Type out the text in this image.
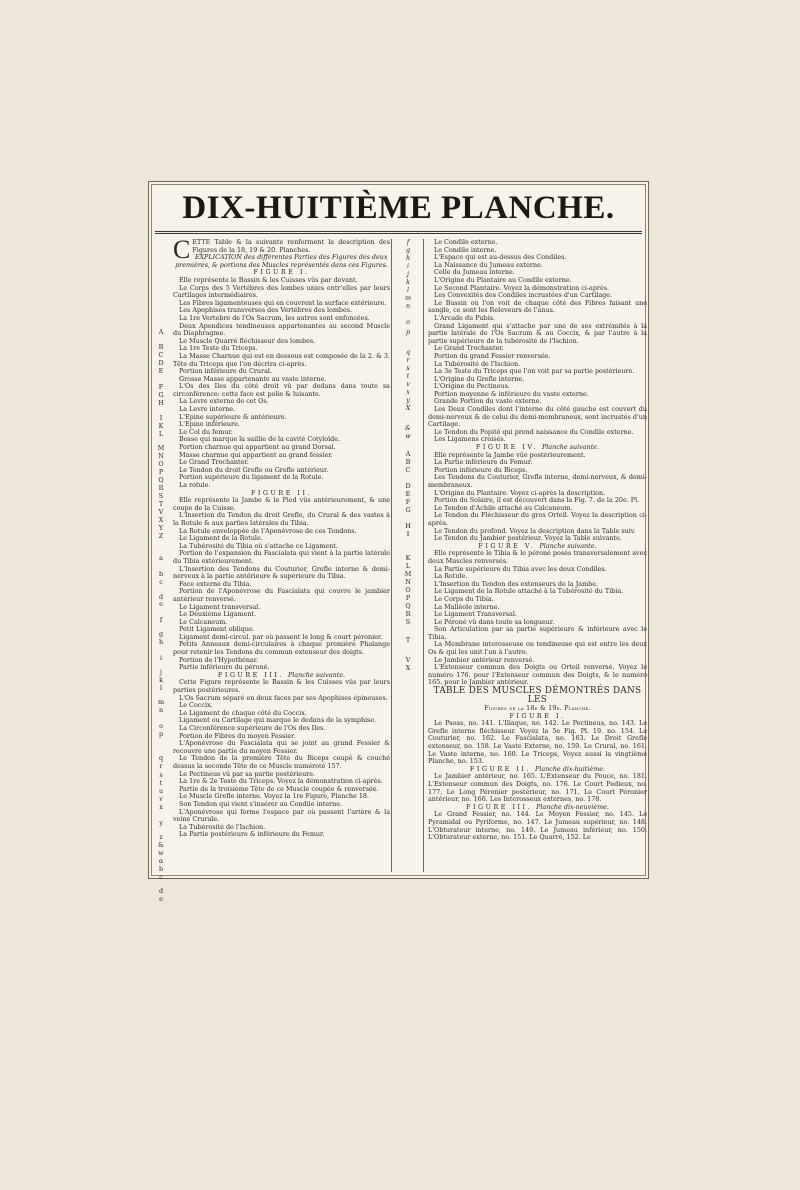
DIX-HUITIÈME PLANCHE.
A
B
C
D
E
F
G
H
I
K
L
M
N
O
P
Q
R
S
T
V
X
Y
Z
a
b
c
d
e
f
g
h
i
j
k
l
m
n
o
p
q
r
s
t
u
v
x
y
z
&
w
α
b
c
d
e

CETTE Table & la suivante renferment la description des Figures de la 18, 19 & 20. Planches.

EXPLICATION des différentes Parties des Figures des deux premières, & portions des Muscles représentés dans ces Figures.

FIGURE I.

Elle représente le Bassin & les Cuisses vûs par devant.

Le Corps des 5 Vertébres des lombes unies entr'elles par leurs Cartilages intermédiaires.

Les Fibres ligamenteuses qui en couvrent la surface extérieure.

Les Apophises transverses des Vertébres des lombes.

La 1re Vertebre de l'Os Sacrum, les autres sont enfoncées.

Deux Apendices tendineuses appartenantes au second Muscle du Diaphragme.

Le Muscle Quarré fléchisseur des lombes.

La 1re Teste du Triceps.

La Masse Charnue qui est en dessous est composée de la 2. & 3. Tête du Triceps que l'on décrira ci-après.

Portion inférieure du Crural.

Grosse Masse appartenante au vaste interne.

L'Os des Iles du côté droit vû par dedans dans toute sa circonférence: cette face est polie & luisante.

La Levre externe de cet Os.

La Levre interne.

L'Epine supérieure & antérieure.

L'Epine inférieure.

Le Col du femur.

Bosse qui marque la saillie de la cavité Cotyloïde.

Portion charnue qui appartient au grand Dorsal.

Masse charnue qui appartient au grand fessier.

Le Grand Trochanter.

Le Tendon du droit Grefle ou Grefle antérieur.

Portion supérieure du ligament de la Rotule.

La rotule.

FIGURE II.

Elle représente la Jambe & le Pied vûs antérieurement, & une coupe de la Cuisse.

L'Insertion du Tendon du droit Grefle, du Crural & des vastes à la Rotule & aux parties latérales du Tibia.

La Rotule enveloppée de l'Aponévrose de ces Tendons.

Le Ligament de la Rotule.

La Tubérosité du Tibia où s'attache ce Ligament.

Portion de l'expansion du Fascialata qui vient à la partie latérale du Tibia extérieurement.

L'Insertion des Tendons du Couturier, Grefle interne & demi-nerveux à la partie antérieure & supérieure du Tibia.

Face externe du Tibia.

Portion de l'Aponévrose du Fascialata qui couvre le jambier antérieur renversé.

Le Ligament transversal.

Le Deuxième Ligament.

Le Calcaneum.

Petit Ligament oblique.

Ligament demi-circul. par où passent le long & court péronier.

Petits Anneaux demi-circulaires à chaque première Phalange pour retenir les Tendons du commun extenseur des doigts.

Portion de l'Hypothénar.

Partie inférieure du péroné.

FIGURE III. Planche suivante.

Cette Figure représente le Bassin & les Cuisses vûs par leurs parties postérieures.

L'Os Sacrum séparé en deux faces par ses Apophises épineuses.

Le Coccix.

Le Ligament de chaque côté du Coccix.

Ligament ou Cartilage qui marque le dedans de la symphise.

La Circonférence supérieure de l'Os des Iles.

Portion de Fibres du moyen Fessier.

L'Aponévrose du Fascialata qui se joint au grand Fessier & recouvre une partie du moyen Fessier.

Le Tendon de la première Tête du Biceps coupé & couché dessus la seconde Tête de ce Muscle numéroté 157.

Le Pectineus vû par sa partie postérieure.

La 1re & 2e Teste du Triceps. Voyez la démonstration ci-après.

Partie de la troisième Tête de ce Muscle coupée & renversée.

Le Muscle Grefle interne. Voyez la 1re Figure, Planche 18.

Son Tendon qui vient s'insérer au Condile interne.

L'Aponévrose qui ferme l'espace par où passent l'artère & la veine Crurale.

La Tubérosité de l'Ischion.

La Partie postérieure & inférieure du Femur.

f
g
h
i
j
k
l
m
n
o
p
q
r
s
t
v
x
y
X
&
w
A
B
C
D
E
F
G
H
I
K
L
M
N
O
P
Q
R
S
T
V
X

Le Condile externe.

Le Condile interne.

L'Espace qui est au-dessus des Condiles.

La Naissance du Jumeau externe.

Celle du Jumeau interne.

L'Origine du Plantaire au Condile externe.

Le Second Plantaire. Voyez la démonstration ci-après.

Les Convexités des Condiles incrustées d'un Cartilage.

Le Bassin où l'on voit de chaque côté des Fibres faisant une sangle, ce sont les Releveurs de l'anus.

L'Arcade du Pubis.

Grand Ligament qui s'attache par une de ses extrémités à la partie latérale de l'Os Sacrum & au Coccix, & par l'autre à la partie supérieure de la tubérosité de l'Ischion.

Le Grand Trochanter.

Portion du grand Fessier renversée.

La Tubérosité de l'Ischion.

La 3e Teste du Triceps que l'on voit par sa partie postérieure.

L'Origine du Grefle interne.

L'Origine du Pectineus.

Portion moyenne & inférieure du vaste externe.

Grande Portion du vaste externe.

Les Deux Condiles dont l'interne du côté gauche est couvert du demi-nerveux & de celui du demi-membraneux, sont incrustés d'un Cartilage.

Le Tendon du Popité qui prend naissance du Condile externe.

Les Ligamens croisés.

FIGURE IV. Planche suivante.

Elle représente la Jambe vûe postérieurement.

La Partie inférieure du Femur.

Portion inférieure du Biceps.

Les Tendons du Couturier, Grefle interne, demi-nerveux, & demi-membraneux.

L'Origine du Plantaire. Voyez ci-après la description.

Portion du Solaire, il est découvert dans la Fig. 7. de la 20e. Pl.

Le Tendon d'Achile attaché au Calcaneum.

Le Tendon du Fléchisseur du gros Orteil. Voyez la description ci-après.

Le Tendon du profond. Voyez la description dans la Table suiv.

Le Tendon du Jambier postérieur. Voyez la Table suivante.

FIGURE V. Planche suivante.

Elle représente le Tibia & le péroné posés transversalement avec deux Muscles renversés.

La Partie supérieure du Tibia avec les deux Condiles.

La Rotule.

L'Insertion du Tendon des extenseurs de la Jambe.

Le Ligament de la Rotule attaché à la Tubérosité du Tibia.

Le Corps du Tibia.

La Malléole interne.

Le Ligament Transversal.

Le Péroné vû dans toute sa longueur.

Son Articulation par sa partie supérieure & inférieure avec le Tibia.

La Membrane interosseuse ou tendineuse qui est entre les deux Os & qui les unit l'un à l'autre.

Le Jambier antérieur renversé.

L'Extenseur commun des Doigts ou Orteil renversé. Voyez le numéro 176. pour l'Extenseur commun des Doigts, & le numéro 165. pour le Jambier antérieur.

TABLE DES MUSCLES DÉMONTRÉS DANS LES

Figures de la 18e & 19e. Planche.

FIGURE I.

Le Psoas, no. 141. L'Iliaque, no. 142. Le Pectineus, no. 143. Le Grefle interne fléchisseur. Voyez la 5e Fig. Pl. 19. no. 154. Le Couturier, no. 162. Le Fascialata, no. 163. Le Droit Grefle extenseur, no. 158. Le Vaste Externe, no. 159. Le Crural, no. 161. Le Vaste interne, no. 160. Le Triceps, Voyez aussi la vingtième Planche, no. 153.

FIGURE II. Planche dix-huitième.

Le Jambier antérieur, no. 165. L'Extenseur du Pouce, no. 181. L'Extenseur commun des Doigts, no. 176. Le Court Pedieux, no. 177. Le Long Péronier postérieur, no. 171. Le Court Péronier antérieur, no. 166. Les Interosseux externes, no. 178.

FIGURE III. Planche dix-neuvième.

Le Grand Fessier, no. 144. Le Moyen Fessier, no. 145. Le Pyramidal ou Pyriforme, no. 147. Le Jumeau supérieur, no. 148. L'Obturateur interne, no. 149. Le Jumeau inférieur, no. 150. L'Obturateur externe, no. 151. Le Quarré, 152. Le
